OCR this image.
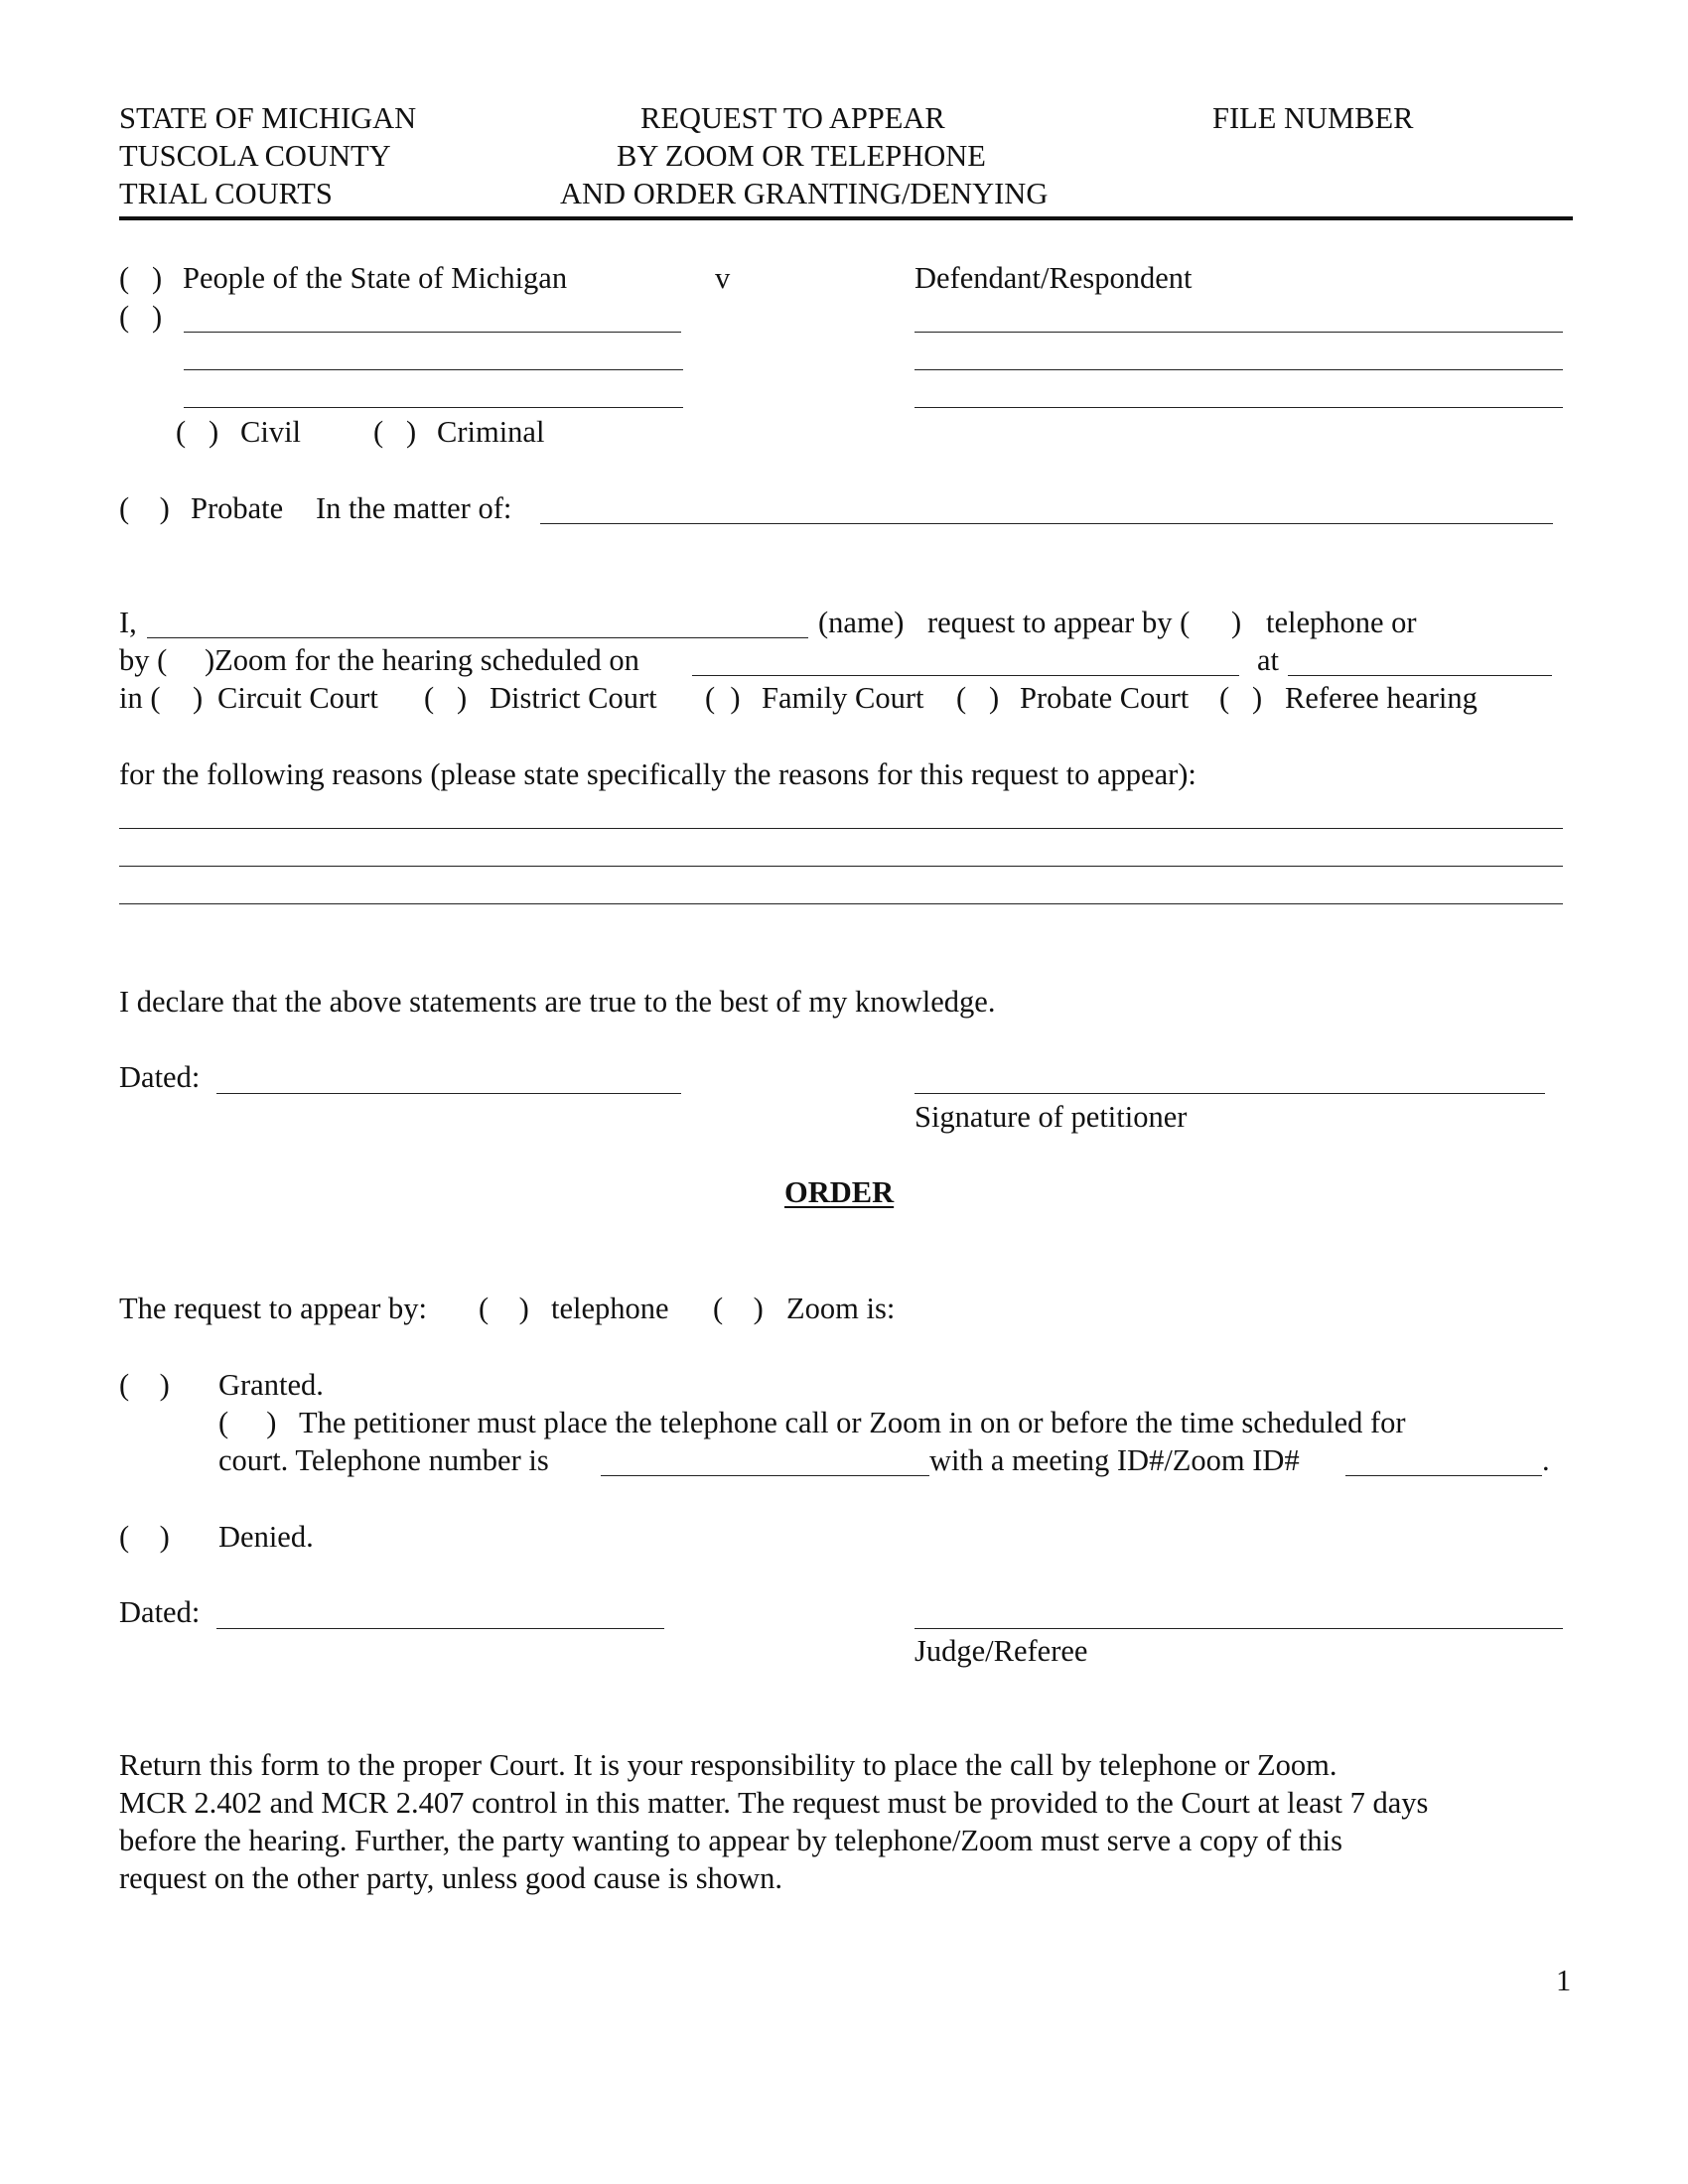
STATE OF MICHIGAN
TUSCOLA COUNTY
TRIAL COURTS
REQUEST TO APPEAR
BY ZOOM OR TELEPHONE
AND ORDER GRANTING/DENYING
FILE NUMBER
(   ) People of the State of Michigan	v	Defendant/Respondent
(   )
(   ) Civil (   ) Criminal
(    ) Probate In the matter of:
I,	(name) request to appear by ( ) telephone or
by ( )Zoom for the hearing scheduled on	at
in ( ) Circuit Court (   ) District Court (  ) Family Court (   ) Probate Court (   ) Referee hearing
for the following reasons (please state specifically the reasons for this request to appear):
I declare that the above statements are true to the best of my knowledge.
Dated:
Signature of petitioner
ORDER
The request to appear by: (    ) telephone (    ) Zoom is:
(    ) Granted.
(     ) The petitioner must place the telephone call or Zoom in on or before the time scheduled for
court. Telephone number is	with a meeting ID#/Zoom ID#	.
(    ) Denied.
Dated:
Judge/Referee
Return this form to the proper Court. It is your responsibility to place the call by telephone or Zoom.
MCR 2.402 and MCR 2.407 control in this matter. The request must be provided to the Court at least 7 days
before the hearing. Further, the party wanting to appear by telephone/Zoom must serve a copy of this
request on the other party, unless good cause is shown.
1
